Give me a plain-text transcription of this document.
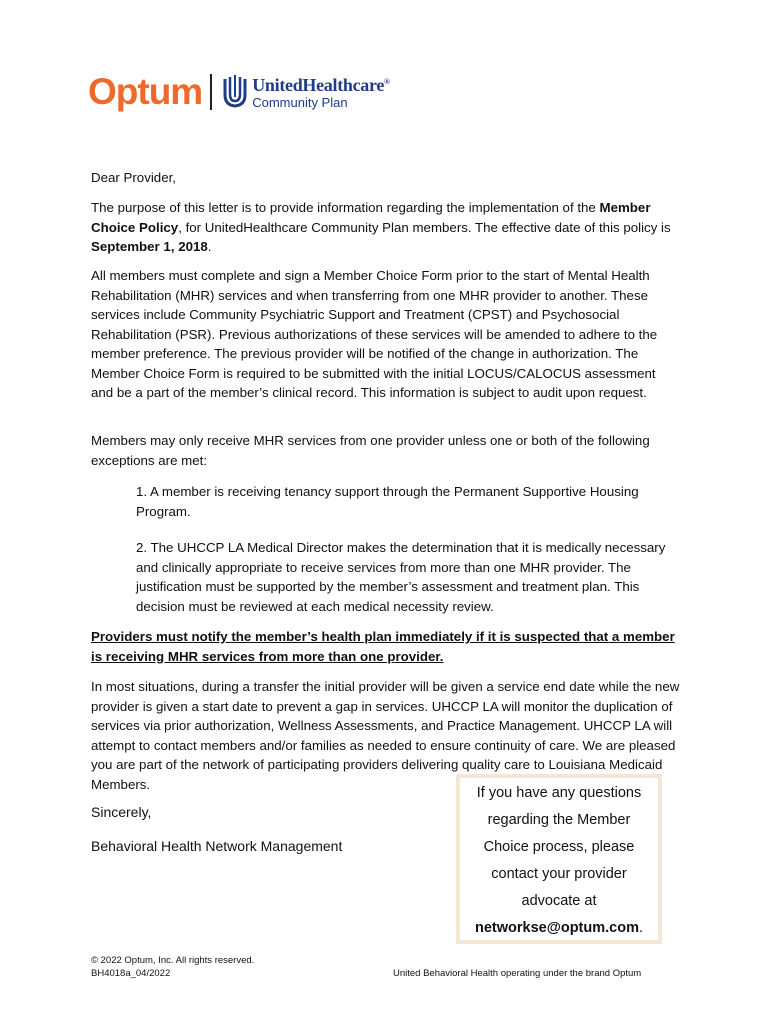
Optum	UnitedHealthcare®
Community Plan

Dear Provider,

The purpose of this letter is to provide information regarding the implementation of the Member Choice Policy, for UnitedHealthcare Community Plan members. The effective date of this policy is September 1, 2018.

All members must complete and sign a Member Choice Form prior to the start of Mental Health Rehabilitation (MHR) services and when transferring from one MHR provider to another. These services include Community Psychiatric Support and Treatment (CPST) and Psychosocial Rehabilitation (PSR). Previous authorizations of these services will be amended to adhere to the member preference. The previous provider will be notified of the change in authorization. The Member Choice Form is required to be submitted with the initial LOCUS/CALOCUS assessment and be a part of the member’s clinical record. This information is subject to audit upon request.

Members may only receive MHR services from one provider unless one or both of the following exceptions are met:

1. A member is receiving tenancy support through the Permanent Supportive Housing Program.

2. The UHCCP LA Medical Director makes the determination that it is medically necessary and clinically appropriate to receive services from more than one MHR provider. The justification must be supported by the member’s assessment and treatment plan. This decision must be reviewed at each medical necessity review.

Providers must notify the member’s health plan immediately if it is suspected that a member is receiving MHR services from more than one provider.

In most situations, during a transfer the initial provider will be given a service end date while the new provider is given a start date to prevent a gap in services. UHCCP LA will monitor the duplication of services via prior authorization, Wellness Assessments, and Practice Management. UHCCP LA will attempt to contact members and/or families as needed to ensure continuity of care. We are pleased you are part of the network of participating providers delivering quality care to Louisiana Medicaid Members.

Sincerely,

Behavioral Health Network Management

If you have any questions
regarding the Member
Choice process, please
contact your provider
advocate at
networkse@optum.com.
© 2022 Optum, Inc. All rights reserved.
BH4018a_04/2022	United Behavioral Health operating under the brand Optum
